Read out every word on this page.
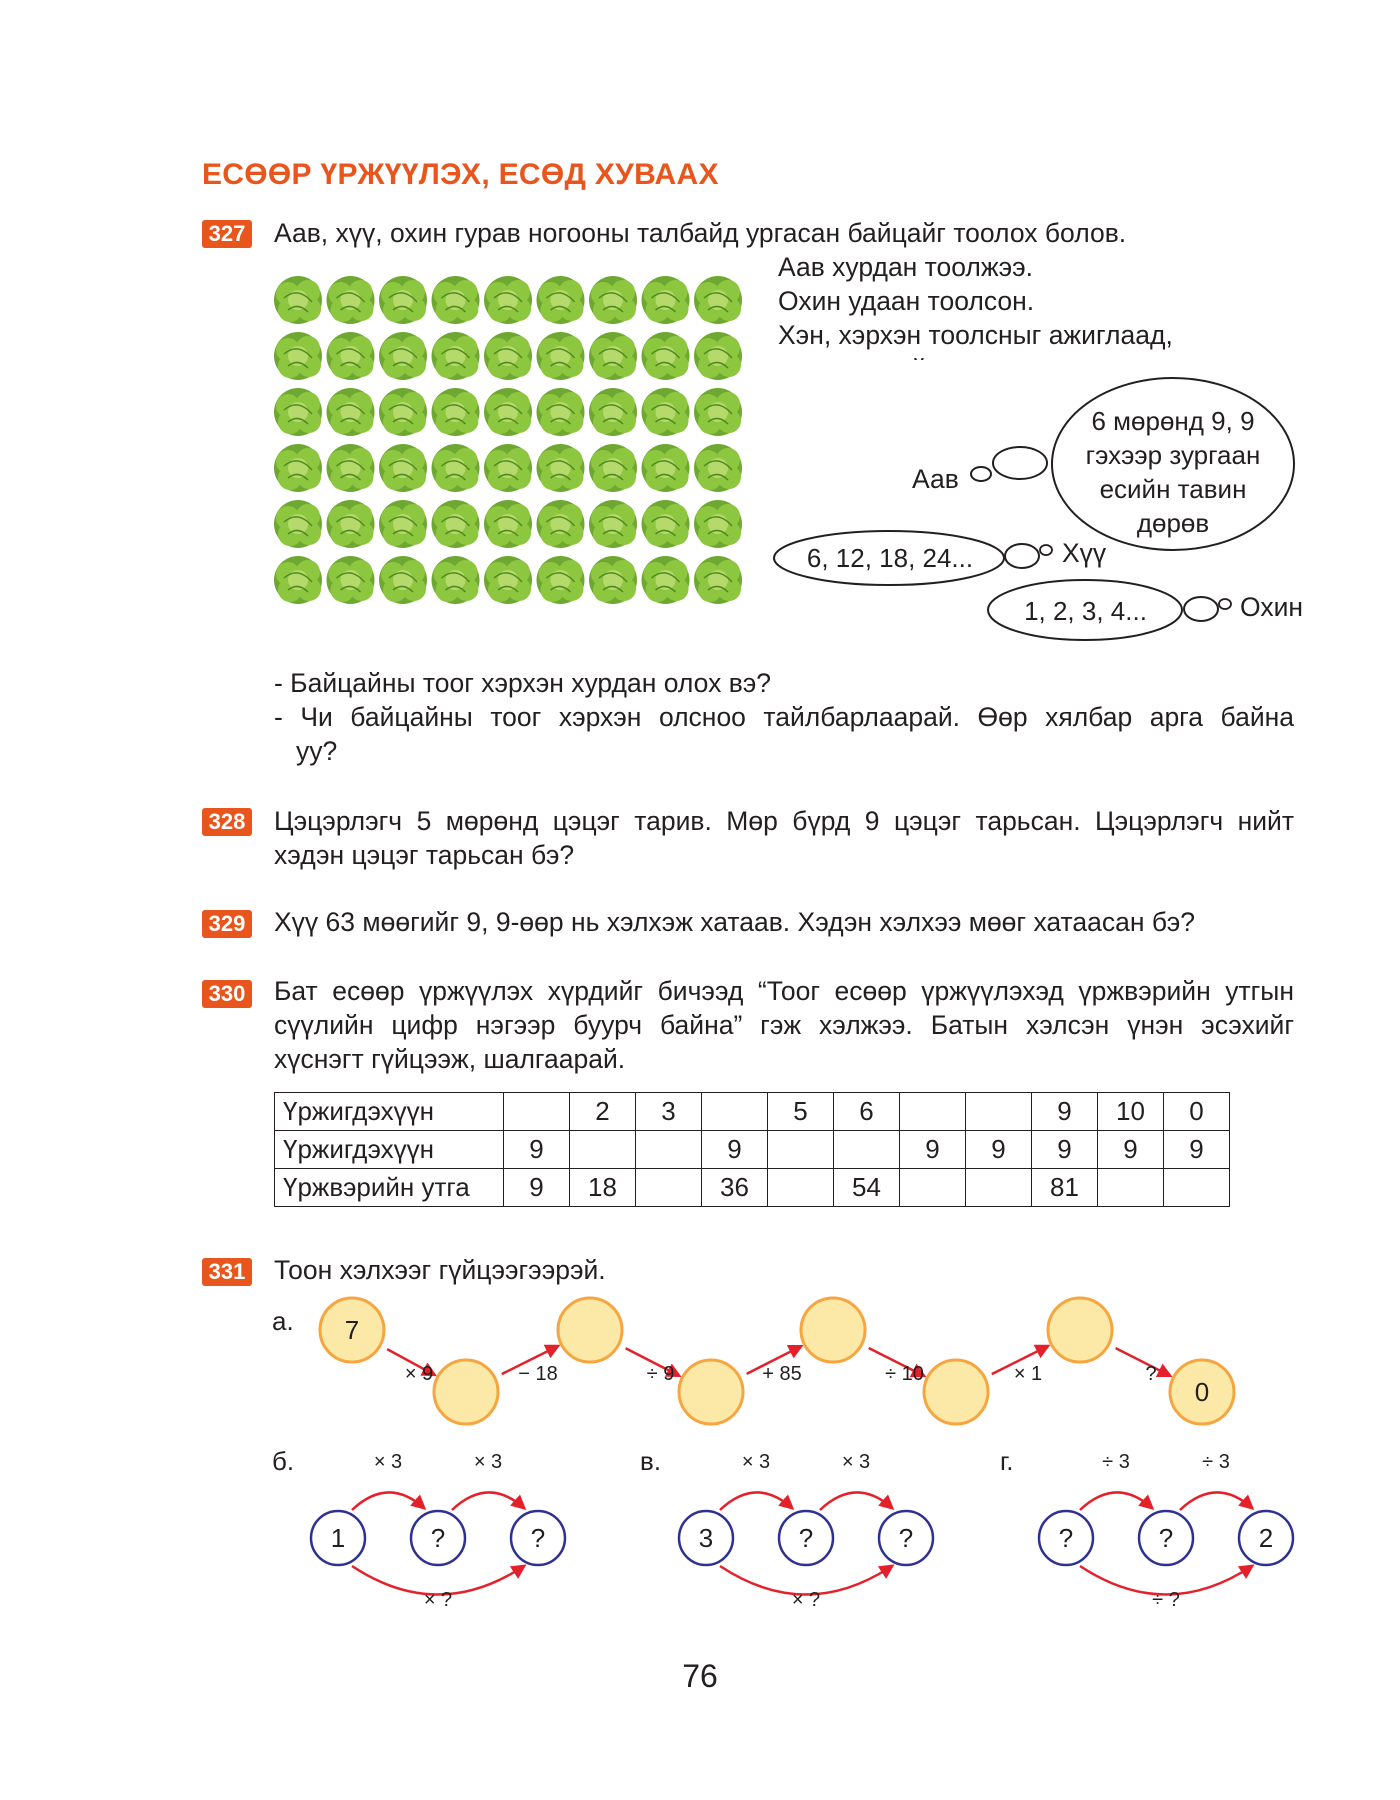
ЕСӨӨР ҮРЖҮҮЛЭХ, ЕСӨД ХУВААХ
327 Аав, хүү, охин гурав ногооны талбайд ургасан байцайг тоолох болов.
Аав хурдан тоолжээ.
Охин удаан тоолсон.
Хэн, хэрхэн тоолсныг ажиглаад,
6 мөрөнд 9, 9
гэхээр зургаан
есийн тавин
дөрөв
Аав
6, 12, 18, 24...	Хүү
1, 2, 3, 4...	Охин
- Байцайны тоог хэрхэн хурдан олох вэ?
- Чи байцайны тоог хэрхэн олсноо тайлбарлаарай. Өөр хялбар арга байна
уу?
328 Цэцэрлэгч 5 мөрөнд цэцэг тарив. Мөр бүрд 9 цэцэг тарьсан. Цэцэрлэгч нийт
хэдэн цэцэг тарьсан бэ?
329 Хүү 63 мөөгийг 9, 9-өөр нь хэлхэж хатаав. Хэдэн хэлхээ мөөг хатаасан бэ?
330 Бат есөөр үржүүлэх хүрдийг бичээд “Тоог есөөр үржүүлэхэд үржвэрийн утгын
сүүлийн цифр нэгээр буурч байна” гэж хэлжээ. Батын хэлсэн үнэн эсэхийг
хүснэгт гүйцээж, шалгаарай.
Үржигдэхүүн		2	3		5	6			9	10	0
Үржигдэхүүн	9			9			9	9	9	9	9
Үржвэрийн утга	9	18		36		54			81		
331 Тоон хэлхээг гүйцээгээрэй.
а.
× 9	− 18	÷ 9	+ 85	÷ 10	× 1	?
7
0
б.	× 3	× 3
× ?
1	?	?
в.	× 3	× 3
× ?
3	?	?
г.	÷ 3	÷ 3
÷ ?
?	?	2
76
